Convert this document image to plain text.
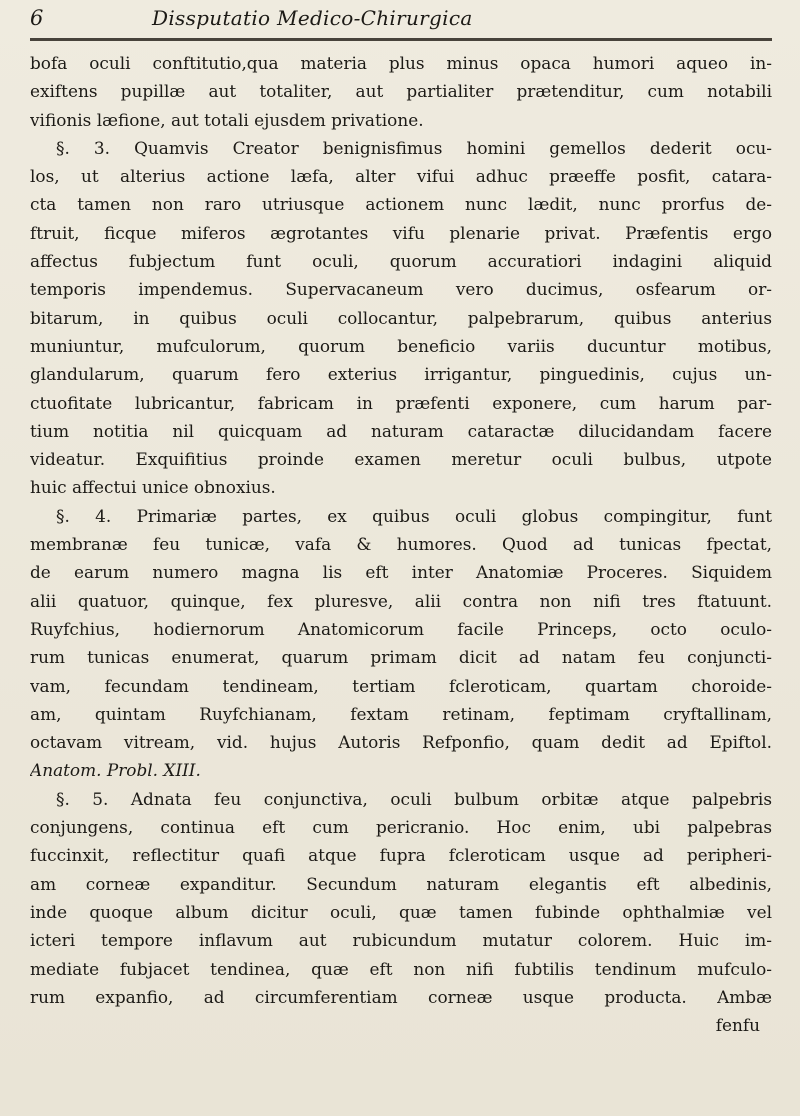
6	Dissputatio Medico-Chirurgica
bofa oculi conftitutio,qua materia plus minus opaca humori aqueo in-
exiftens pupillæ aut totaliter, aut partialiter prætenditur, cum notabili
vifionis læfione, aut totali ejusdem privatione.
§. 3. Quamvis Creator benignisfimus homini gemellos dederit ocu-
los, ut alterius actione læfa, alter vifui adhuc præeffe posfit, catara-
cta tamen non raro utriusque actionem nunc lædit, nunc prorfus de-
ftruit, ficque miferos ægrotantes vifu plenarie privat. Præfentis ergo
affectus fubjectum funt oculi, quorum accuratiori indagini aliquid
temporis impendemus. Supervacaneum vero ducimus, osfearum or-
bitarum, in quibus oculi collocantur, palpebrarum, quibus anterius
muniuntur, mufculorum, quorum beneficio variis ducuntur motibus,
glandularum, quarum fero exterius irrigantur, pinguedinis, cujus un-
ctuofitate lubricantur, fabricam in præfenti exponere, cum harum par-
tium notitia nil quicquam ad naturam cataractæ dilucidandam facere
videatur. Exquifitius proinde examen meretur oculi bulbus, utpote
huic affectui unice obnoxius.
§. 4. Primariæ partes, ex quibus oculi globus compingitur, funt
membranæ feu tunicæ, vafa & humores. Quod ad tunicas fpectat,
de earum numero magna lis eft inter Anatomiæ Proceres. Siquidem
alii quatuor, quinque, fex pluresve, alii contra non nifi tres ftatuunt.
Ruyfchius, hodiernorum Anatomicorum facile Princeps, octo oculo-
rum tunicas enumerat, quarum primam dicit ad natam feu conjuncti-
vam, fecundam tendineam, tertiam fcleroticam, quartam choroide-
am, quintam Ruyfchianam, fextam retinam, feptimam cryftallinam,
octavam vitream, vid. hujus Autoris Refponfio, quam dedit ad Epiftol.
Anatom. Probl. XIII.
§. 5. Adnata feu conjunctiva, oculi bulbum orbitæ atque palpebris
conjungens, continua eft cum pericranio. Hoc enim, ubi palpebras
fuccinxit, reflectitur quafi atque fupra fcleroticam usque ad peripheri-
am corneæ expanditur. Secundum naturam elegantis eft albedinis,
inde quoque album dicitur oculi, quæ tamen fubinde ophthalmiæ vel
icteri tempore inflavum aut rubicundum mutatur colorem. Huic im-
mediate fubjacet tendinea, quæ eft non nifi fubtilis tendinum mufculo-
rum expanfio, ad circumferentiam corneæ usque producta. Ambæ
fenfu
